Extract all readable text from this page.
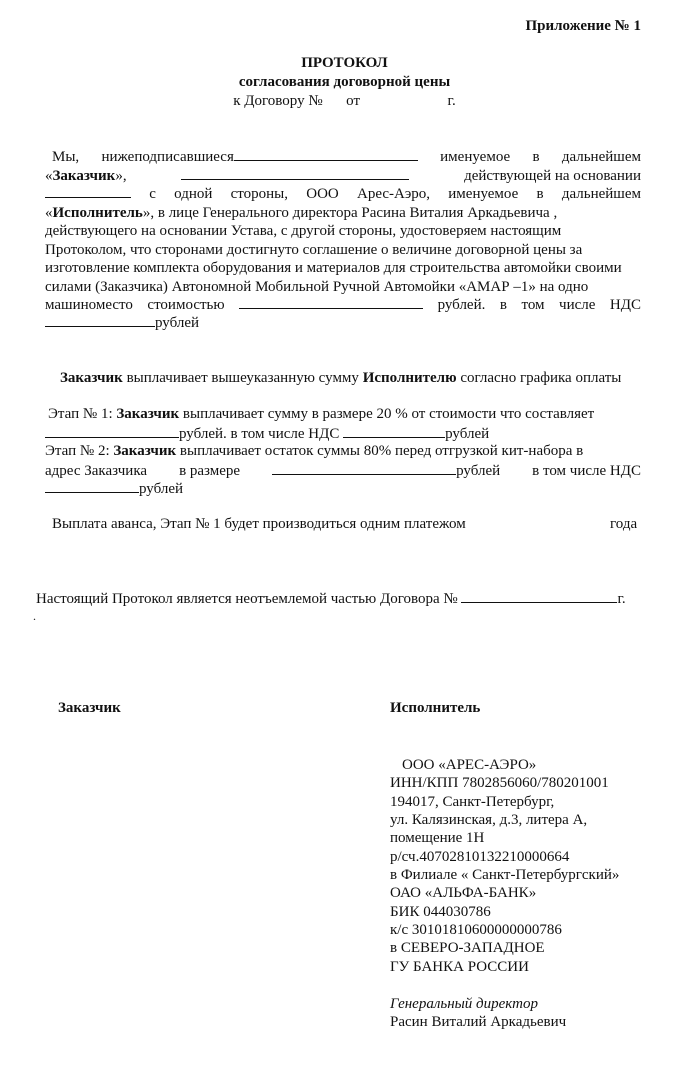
Приложение № 1
ПРОТОКОЛ
согласования договорной цены
к Договору № от	г.
Мы, нижеподписавшиеся	именуемое в дальнейшем
«Заказчик»,	действующей на основании
с одной стороны, ООО Арес-Аэро, именуемое в дальнейшем
«Исполнитель», в лице Генерального директора Расина Виталия Аркадьевича ,
действующего на основании Устава, с другой стороны, удостоверяем настоящим
Протоколом, что сторонами достигнуто соглашение о величине договорной цены за
изготовление комплекта оборудования и материалов для строительства автомойки своими
силами (Заказчика) Автономной Мобильной Ручной Автомойки «АМАР –1» на одно
машиноместо стоимостью	рублей. в том числе НДС
рублей
Заказчик выплачивает вышеуказанную сумму Исполнителю согласно графика оплаты
Этап № 1: Заказчик выплачивает сумму в размере 20 % от стоимости что составляет
рублей. в том числе НДС	рублей
Этап № 2: Заказчик выплачивает остаток суммы 80% перед отгрузкой кит-набора в
адрес Заказчика в размере	рублей в том числе НДС
рублей
Выплата аванса, Этап № 1 будет производиться одним платежом	года
Настоящий Протокол является неотъемлемой частью Договора №	г.
.
Заказчик	Исполнитель
ООО «АРЕС-АЭРО»
ИНН/КПП 7802856060/780201001
194017, Санкт-Петербург,
ул. Калязинская, д.3, литера А,
помещение 1Н
р/сч.40702810132210000664
в Филиале « Санкт-Петербургский»
ОАО «АЛЬФА-БАНК»
БИК 044030786
к/с 30101810600000000786
в СЕВЕРО-ЗАПАДНОЕ
ГУ БАНКА РОССИИ
Генеральный директор
Расин Виталий Аркадьевич
